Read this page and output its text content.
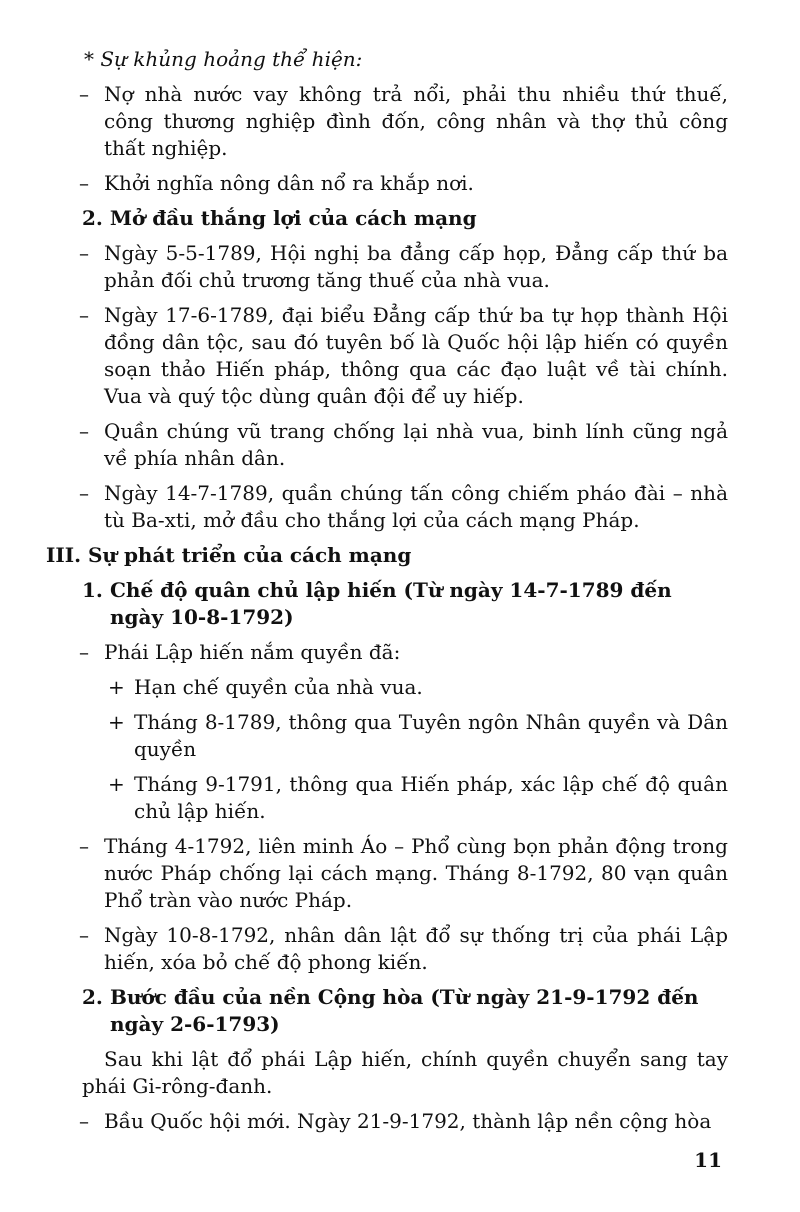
* Sự khủng hoảng thể hiện:
– Nợ nhà nước vay không trả nổi, phải thu nhiều thứ thuế, công thương nghiệp đình đốn, công nhân và thợ thủ công thất nghiệp.
– Khởi nghĩa nông dân nổ ra khắp nơi.
2. Mở đầu thắng lợi của cách mạng
– Ngày 5-5-1789, Hội nghị ba đẳng cấp họp, Đẳng cấp thứ ba phản đối chủ trương tăng thuế của nhà vua.
– Ngày 17-6-1789, đại biểu Đẳng cấp thứ ba tự họp thành Hội đồng dân tộc, sau đó tuyên bố là Quốc hội lập hiến có quyền soạn thảo Hiến pháp, thông qua các đạo luật về tài chính. Vua và quý tộc dùng quân đội để uy hiếp.
– Quần chúng vũ trang chống lại nhà vua, binh lính cũng ngả về phía nhân dân.
– Ngày 14-7-1789, quần chúng tấn công chiếm pháo đài – nhà tù Ba-xti, mở đầu cho thắng lợi của cách mạng Pháp.
III. Sự phát triển của cách mạng
1. Chế độ quân chủ lập hiến (Từ ngày 14-7-1789 đến ngày 10-8-1792)
– Phái Lập hiến nắm quyền đã:
+ Hạn chế quyền của nhà vua.
+ Tháng 8-1789, thông qua Tuyên ngôn Nhân quyền và Dân quyền
+ Tháng 9-1791, thông qua Hiến pháp, xác lập chế độ quân chủ lập hiến.
– Tháng 4-1792, liên minh Áo – Phổ cùng bọn phản động trong nước Pháp chống lại cách mạng. Tháng 8-1792, 80 vạn quân Phổ tràn vào nước Pháp.
– Ngày 10-8-1792, nhân dân lật đổ sự thống trị của phái Lập hiến, xóa bỏ chế độ phong kiến.
2. Bước đầu của nền Cộng hòa (Từ ngày 21-9-1792 đến ngày 2-6-1793)
Sau khi lật đổ phái Lập hiến, chính quyền chuyển sang tay phái Gi-rông-đanh.
– Bầu Quốc hội mới. Ngày 21-9-1792, thành lập nền cộng hòa
11
